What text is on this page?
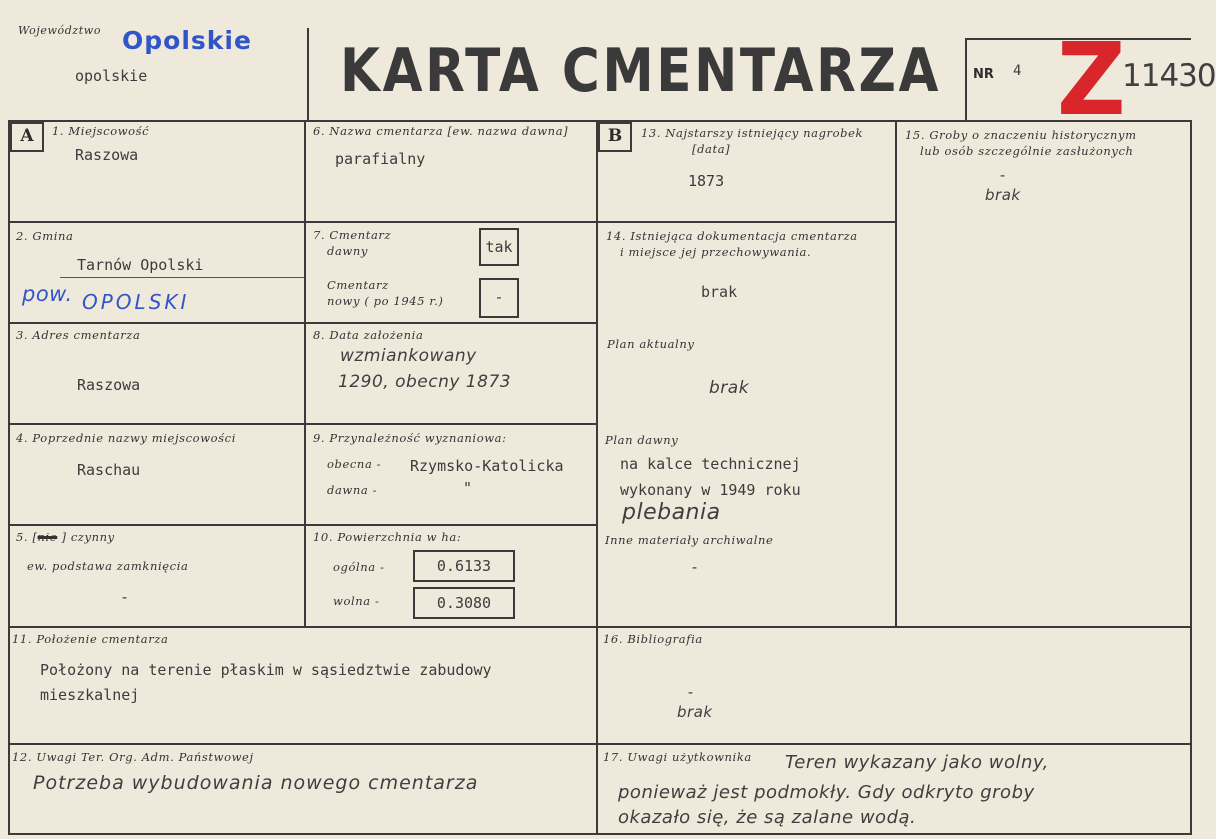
Województwo Opolskie
opolskie	KARTA CMENTARZA NR 4 Z
11430
A	B
1. Miejscowość
Raszowa
2. Gmina
Tarnów Opolski
pow. OPOLSKI
3. Adres cmentarza
Raszowa
4. Poprzednie nazwy miejscowości
Raschau
5. [nie ] czynny
ew. podstawa zamknięcia
-
6. Nazwa cmentarza [ew. nazwa dawna]
parafialny
7. Cmentarz
dawny	tak
Cmentarz
nowy ( po 1945 r.)	-
8. Data założenia
wzmiankowany
1290, obecny 1873
9. Przynależność wyznaniowa:
obecna - Rzymsko-Katolicka
dawna -	"
10. Powierzchnia w ha:
ogólna -	0.6133
wolna -	0.3080
13. Najstarszy istniejący nagrobek
[data]
1873
14. Istniejąca dokumentacja cmentarza
i miejsce jej przechowywania.
brak
Plan aktualny
brak
Plan dawny
na kalce technicznej
wykonany w 1949 roku
plebania
Inne materiały archiwalne
-
15. Groby o znaczeniu historycznym
lub osób szczególnie zasłużonych
-
brak
11. Położenie cmentarza
Położony na terenie płaskim w sąsiedztwie zabudowy
mieszkalnej
16. Bibliografia
-
brak
12. Uwagi Ter. Org. Adm. Państwowej
Potrzeba wybudowania nowego cmentarza
17. Uwagi użytkownika Teren wykazany jako wolny,
ponieważ jest podmokły. Gdy odkryto groby
okazało się, że są zalane wodą.
